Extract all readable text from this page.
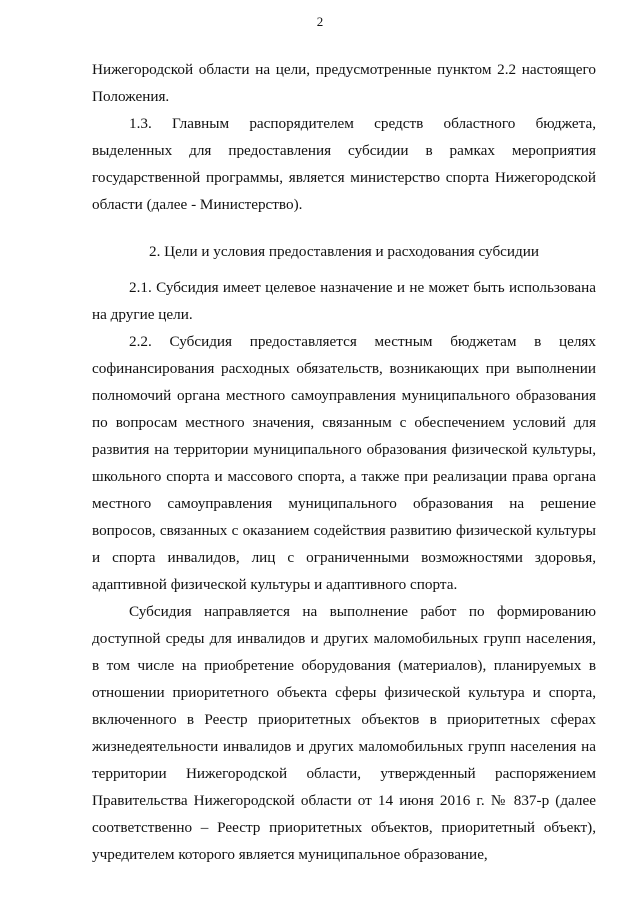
2

Нижегородской области на цели, предусмотренные пунктом 2.2 настоящего Положения.

1.3. Главным распорядителем средств областного бюджета, выделенных для предоставления субсидии в рамках мероприятия государственной программы, является министерство спорта Нижегородской области (далее - Министерство).

2. Цели и условия предоставления и расходования субсидии

2.1. Субсидия имеет целевое назначение и не может быть использована на другие цели.

2.2. Субсидия предоставляется местным бюджетам в целях софинансирования расходных обязательств, возникающих при выполнении полномочий органа местного самоуправления муниципального образования по вопросам местного значения, связанным с обеспечением условий для развития на территории муниципального образования физической культуры, школьного спорта и массового спорта, а также при реализации права органа местного самоуправления муниципального образования на решение вопросов, связанных с оказанием содействия развитию физической культуры и спорта инвалидов, лиц с ограниченными возможностями здоровья, адаптивной физической культуры и адаптивного спорта.

Субсидия направляется на выполнение работ по формированию доступной среды для инвалидов и других маломобильных групп населения, в том числе на приобретение оборудования (материалов), планируемых в отношении приоритетного объекта сферы физической культура и спорта, включенного в Реестр приоритетных объектов в приоритетных сферах жизнедеятельности инвалидов и других маломобильных групп населения на территории Нижегородской области, утвержденный распоряжением Правительства Нижегородской области от 14 июня 2016 г. № 837-р (далее соответственно – Реестр приоритетных объектов, приоритетный объект), учредителем которого является муниципальное образование,
